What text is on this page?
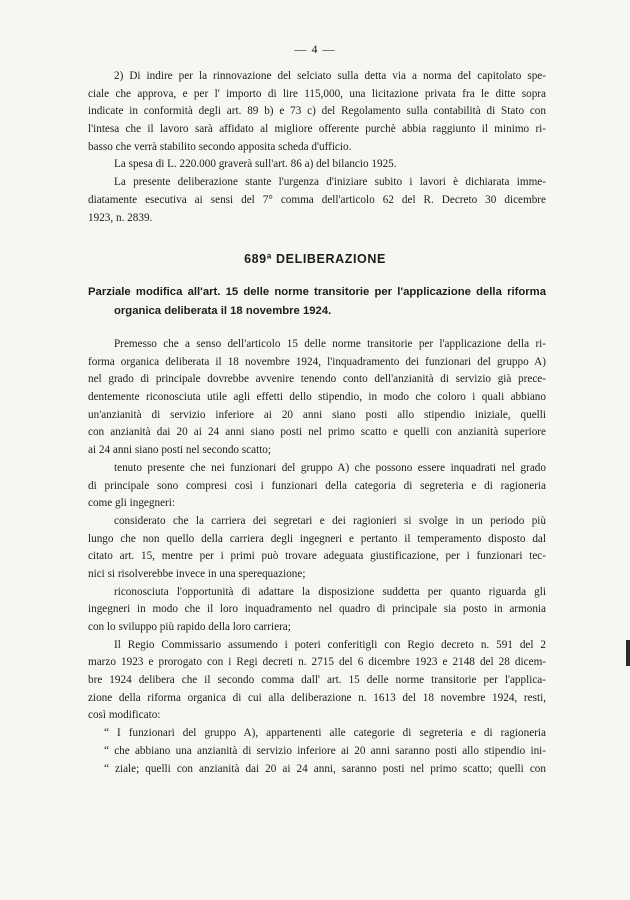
— 4 —
2) Di indire per la rinnovazione del selciato sulla detta via a norma del capitolato spe-
ciale che approva, e per l' importo di lire 115,000, una licitazione privata fra le ditte sopra
indicate in conformità degli art. 89 b) e 73 c) del Regolamento sulla contabilità di Stato con
l'intesa che il lavoro sarà affidato al migliore offerente purchè abbia raggiunto il minimo ri-
basso che verrà stabilito secondo apposita scheda d'ufficio.
La spesa di L. 220.000 graverà sull'art. 86 a) del bilancio 1925.
La presente deliberazione stante l'urgenza d'iniziare subito i lavori è dichiarata imme-
diatamente esecutiva ai sensi del 7° comma dell'articolo 62 del R. Decreto 30 dicembre
1923, n. 2839.
689ª DELIBERAZIONE
Parziale modifica all'art. 15 delle norme transitorie per l'applicazione della riforma
organica deliberata il 18 novembre 1924.
Premesso che a senso dell'articolo 15 delle norme transitorie per l'applicazione della ri-
forma organica deliberata il 18 novembre 1924, l'inquadramento dei funzionari del gruppo A)
nel grado di principale dovrebbe avvenire tenendo conto dell'anzianità di servizio già prece-
dentemente riconosciuta utile agli effetti dello stipendio, in modo che coloro i quali abbiano
un'anzianità di servizio inferiore ai 20 anni siano posti allo stipendio iniziale, quelli
con anzianità dai 20 ai 24 anni siano posti nel primo scatto e quelli con anzianità superiore
ai 24 anni siano posti nel secondo scatto;
tenuto presente che nei funzionari del gruppo A) che possono essere inquadrati nel grado
di principale sono compresi così i funzionari della categoria di segreteria e di ragioneria
come gli ingegneri:
considerato che la carriera dei segretari e dei ragionieri si svolge in un periodo più
lungo che non quello della carriera degli ingegneri e pertanto il temperamento disposto dal
citato art. 15, mentre per i primi può trovare adeguata giustificazione, per i funzionari tec-
nici si risolverebbe invece in una sperequazione;
riconosciuta l'opportunità di adattare la disposizione suddetta per quanto riguarda gli
ingegneri in modo che il loro inquadramento nel quadro di principale sia posto in armonia
con lo sviluppo più rapido della loro carriera;
Il Regio Commissario assumendo i poteri conferitigli con Regio decreto n. 591 del 2
marzo 1923 e prorogato con i Regi decreti n. 2715 del 6 dicembre 1923 e 2148 del 28 dicem-
bre 1924 delibera che il secondo comma dall' art. 15 delle norme transitorie per l'applica-
zione della riforma organica di cui alla deliberazione n. 1613 del 18 novembre 1924, resti,
così modificato:
“ I funzionari del gruppo A), appartenenti alle categorie di segreteria e di ragioneria
“ che abbiano una anzianità di servizio inferiore ai 20 anni saranno posti allo stipendio ini-
“ ziale; quelli con anzianità dai 20 ai 24 anni, saranno posti nel primo scatto; quelli con
